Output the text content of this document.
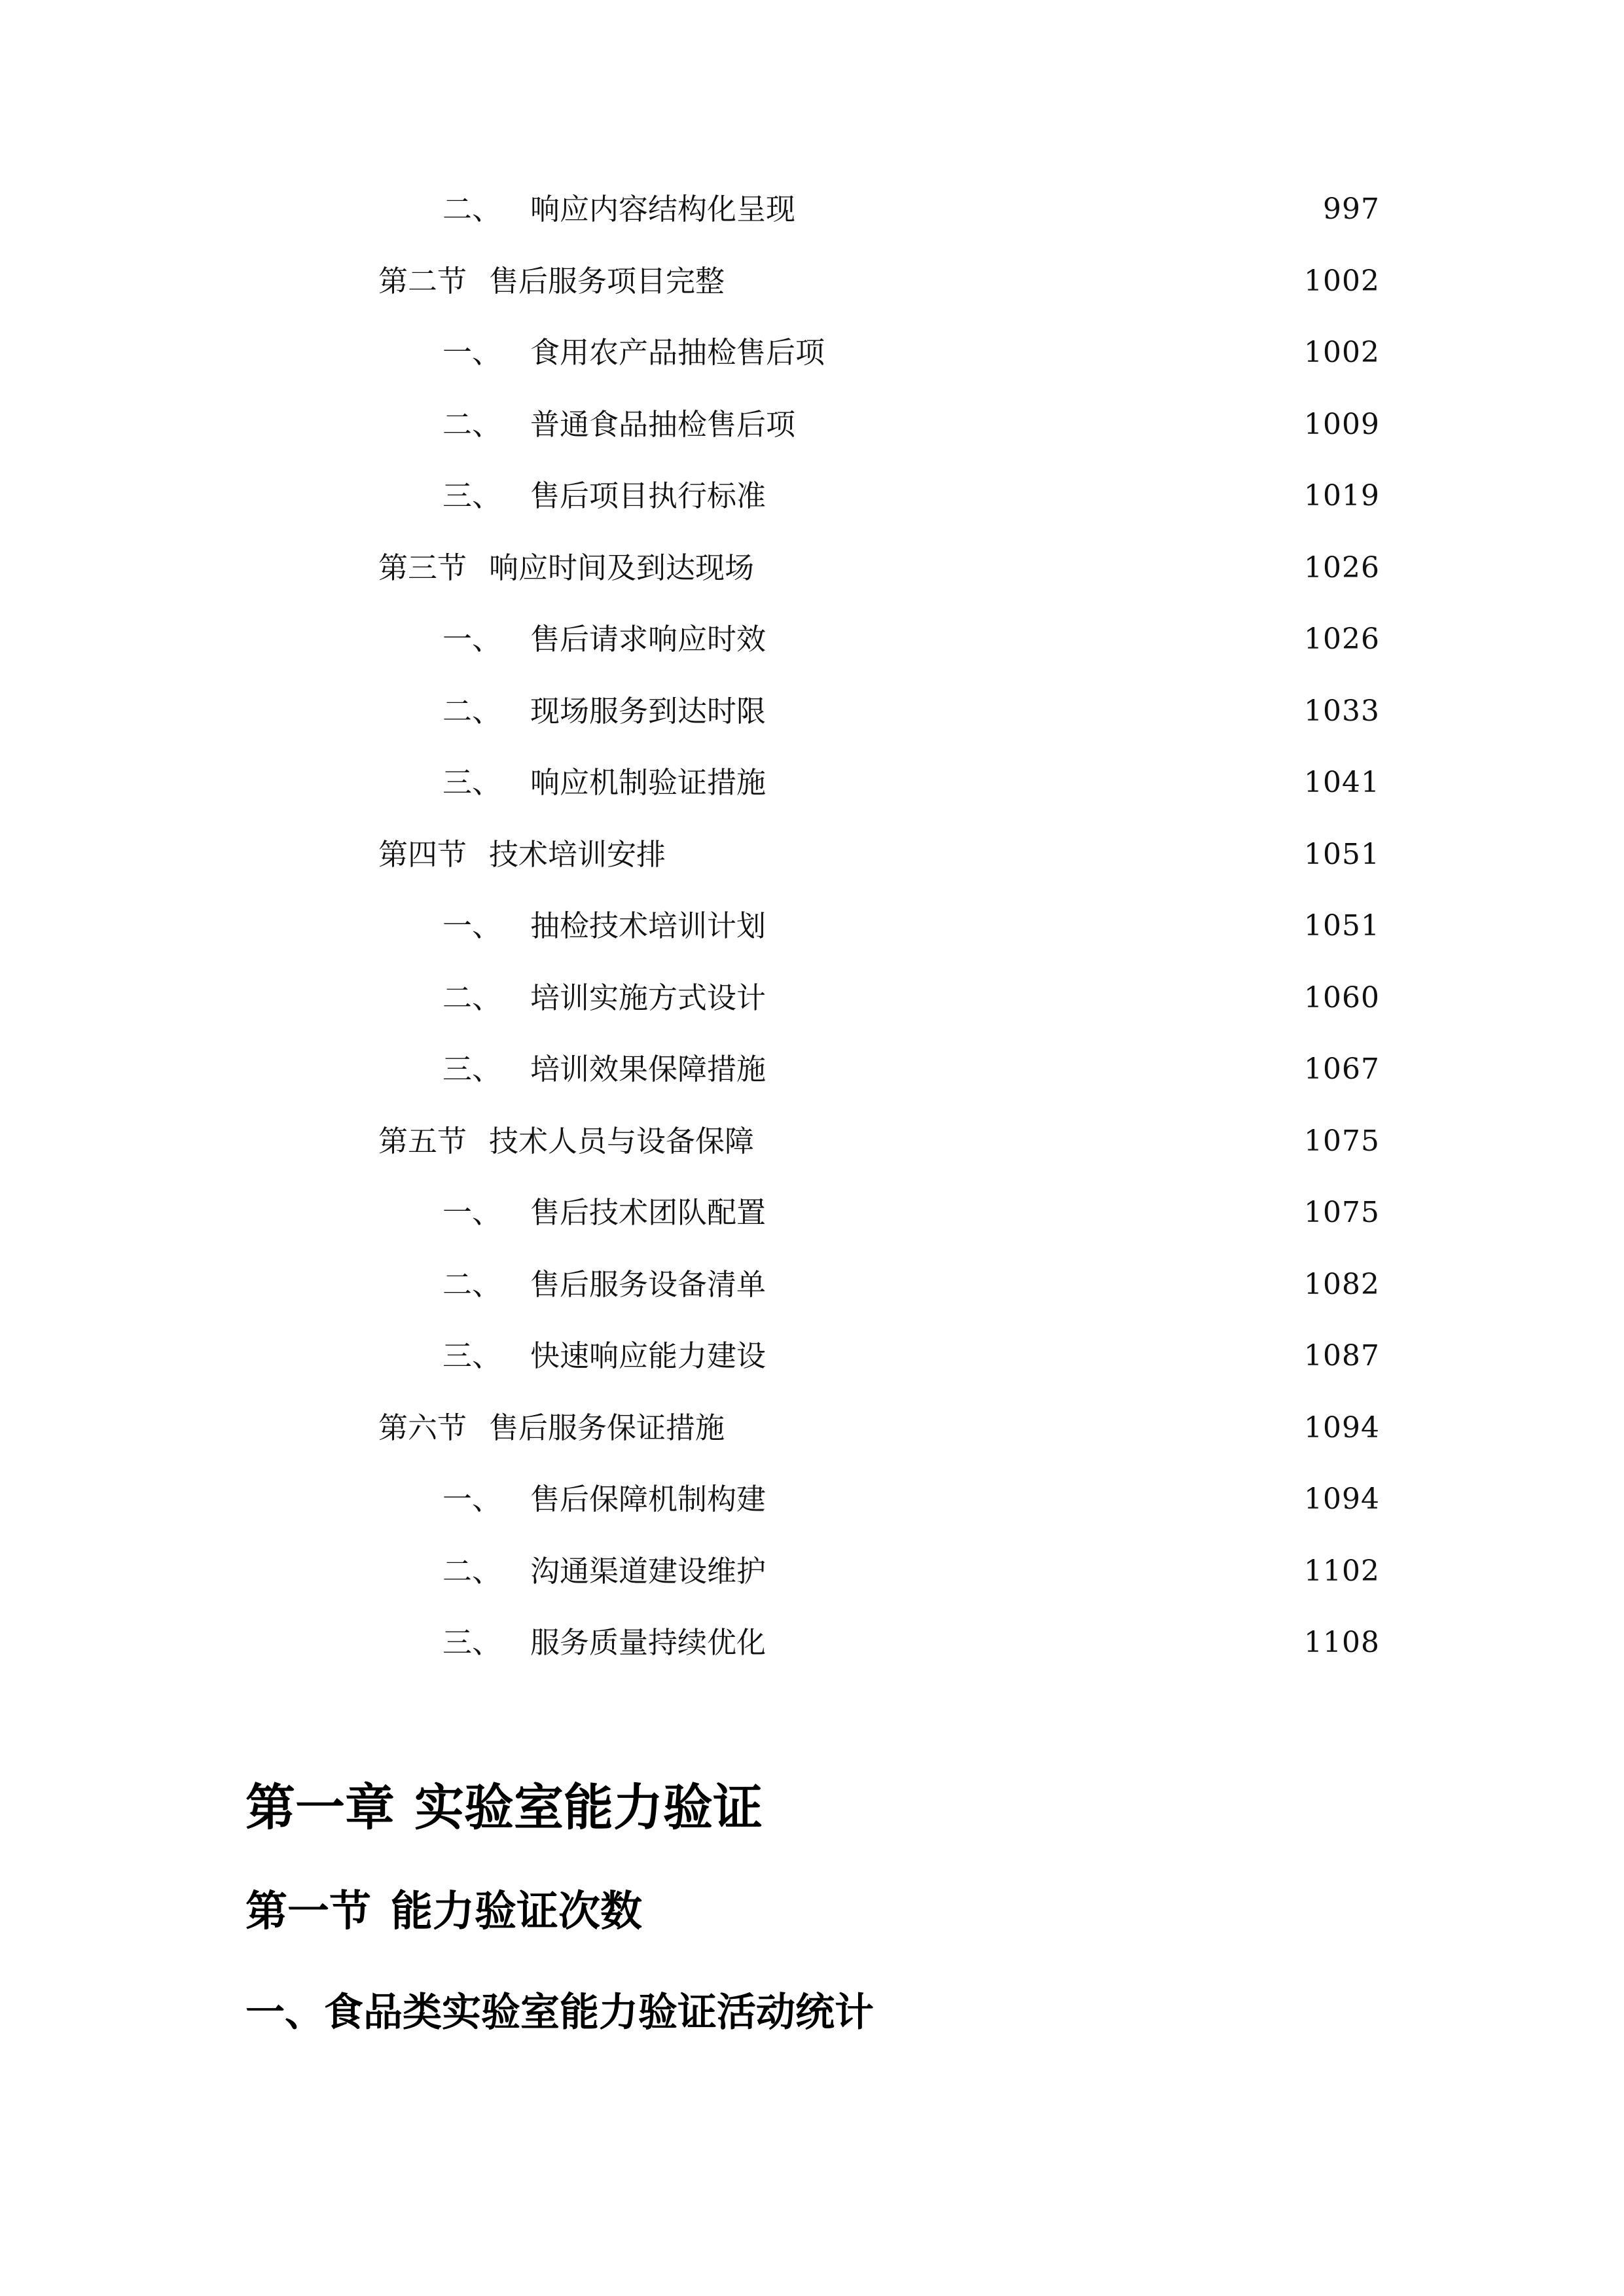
二、 响应内容结构化呈现	997
第二节 售后服务项目完整	1002
一、 食用农产品抽检售后项	1002
二、 普通食品抽检售后项	1009
三、 售后项目执行标准	1019
第三节 响应时间及到达现场	1026
一、 售后请求响应时效	1026
二、 现场服务到达时限	1033
三、 响应机制验证措施	1041
第四节 技术培训安排	1051
一、 抽检技术培训计划	1051
二、 培训实施方式设计	1060
三、 培训效果保障措施	1067
第五节 技术人员与设备保障	1075
一、 售后技术团队配置	1075
二、 售后服务设备清单	1082
三、 快速响应能力建设	1087
第六节 售后服务保证措施	1094
一、 售后保障机制构建	1094
二、 沟通渠道建设维护	1102
三、 服务质量持续优化	1108
第一章 实验室能力验证
第一节 能力验证次数
一、食品类实验室能力验证活动统计
